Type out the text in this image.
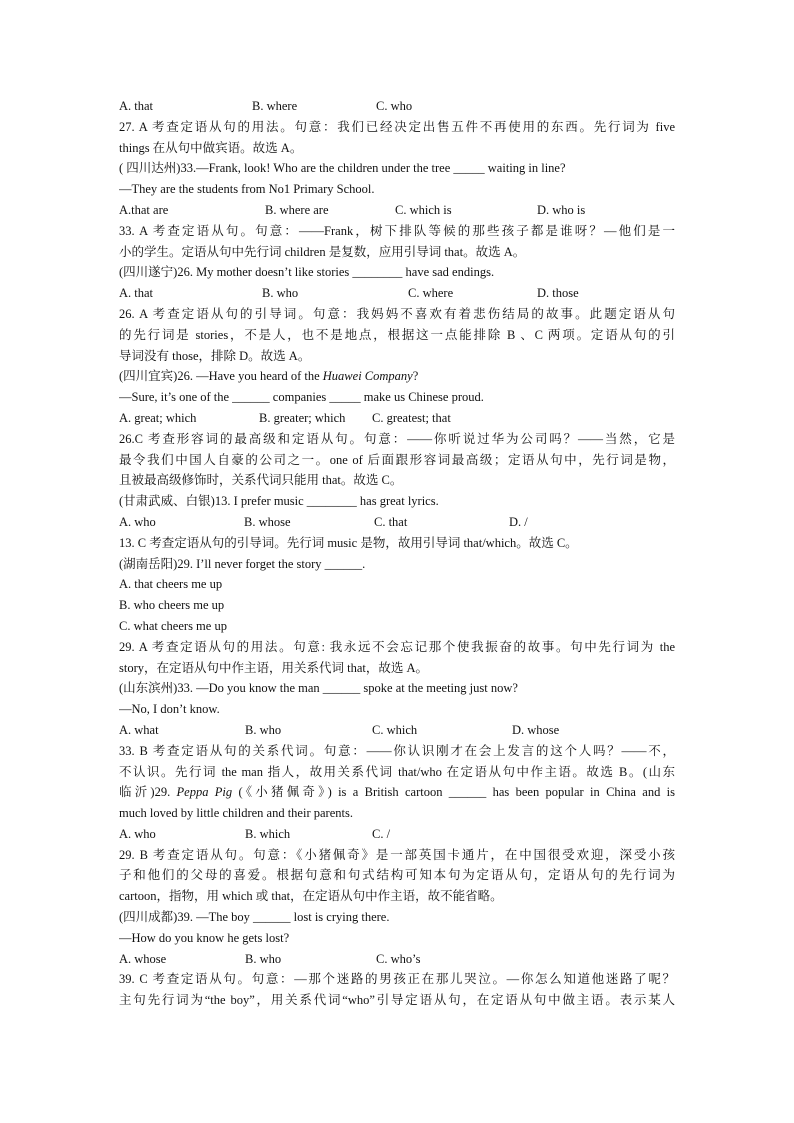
A. that	B. where	C. who
27. A 考查定语从句的用法。句意：我们已经决定出售五件不再使用的东西。先行词为 five
things 在从句中做宾语。故选 A。
( 四川达州)33.—Frank, look! Who are the children under the tree _____ waiting in line?
—They are the students from No1 Primary School.
A.that are	B. where are	C. which is	D. who is
33. A 考查定语从句。句意：——Frank，树下排队等候的那些孩子都是谁呀？—他们是一
小的学生。定语从句中先行词 children 是复数，应用引导词 that。故选 A。
(四川遂宁)26. My mother doesn’t like stories ________ have sad endings.
A. that	B. who	C. where	D. those
26. A 考查定语从句的引导词。句意：我妈妈不喜欢有着悲伤结局的故事。此题定语从句
的先行词是 stories，不是人，也不是地点，根据这一点能排除 B 、C 两项。定语从句的引
导词没有 those，排除 D。故选 A。
(四川宜宾)26. —Have you heard of the Huawei Company?
—Sure, it’s one of the ______ companies _____ make us Chinese proud.
A. great; which	B. greater; which	C. greatest; that
26.C 考查形容词的最高级和定语从句。句意：——你听说过华为公司吗？——当然，它是
最令我们中国人自豪的公司之一。one of 后面跟形容词最高级；定语从句中，先行词是物，
且被最高级修饰时，关系代词只能用 that。故选 C。
(甘肃武威、白银)13. I prefer music ________ has great lyrics.
A. who	B. whose	C. that	D. /
13. C 考查定语从句的引导词。先行词 music 是物，故用引导词 that/which。故选 C。
(湖南岳阳)29. I’ll never forget the story ______.
A. that cheers me up
B. who cheers me up
C. what cheers me up
29. A 考查定语从句的用法。句意: 我永远不会忘记那个使我振奋的故事。句中先行词为 the
story，在定语从句中作主语，用关系代词 that，故选 A。
(山东滨州)33. —Do you know the man ______ spoke at the meeting just now?
—No, I don’t know.
A. what	B. who	C. which	D. whose
33. B 考查定语从句的关系代词。句意：——你认识刚才在会上发言的这个人吗？——不，
不认识。先行词 the man 指人，故用关系代词 that/who 在定语从句中作主语。故选 B。(山东
临沂)29. Peppa Pig (《小猪佩奇》) is a British cartoon ______ has been popular in China and is
much loved by little children and their parents.
A. who	B. which	C. /
29. B 考查定语从句。句意：《小猪佩奇》是一部英国卡通片，在中国很受欢迎，深受小孩
子和他们的父母的喜爱。根据句意和句式结构可知本句为定语从句，定语从句的先行词为
cartoon，指物，用 which 或 that，在定语从句中作主语，故不能省略。
(四川成都)39. —The boy ______ lost is crying there.
—How do you know he gets lost?
A. whose	B. who	C. who’s
39. C 考查定语从句。句意：—那个迷路的男孩正在那儿哭泣。—你怎么知道他迷路了呢？
主句先行词为“the boy”，用关系代词“who”引导定语从句，在定语从句中做主语。表示某人
